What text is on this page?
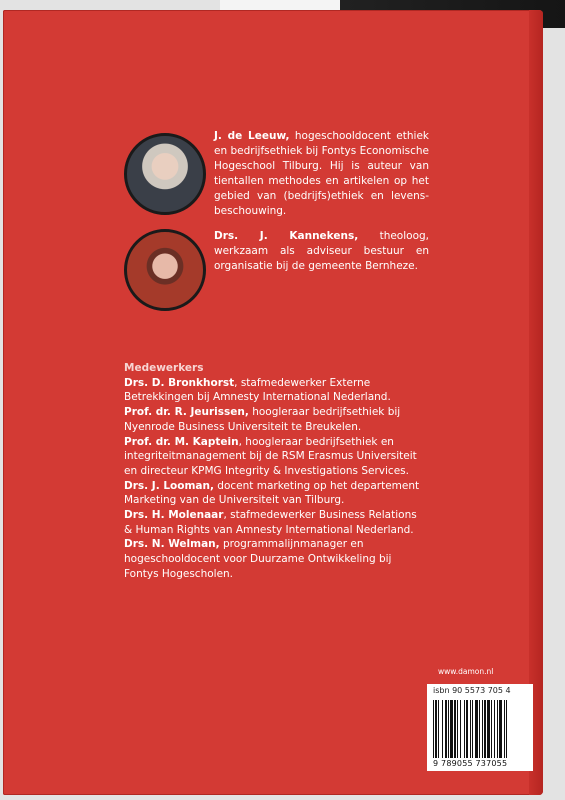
J. de Leeuw, hogeschooldocent ethiek en bedrijfsethiek bij Fontys Economische Hogeschool Tilburg. Hij is auteur van tientallen methodes en artikelen op het gebied van (bedrijfs)ethiek en levens-beschouwing.
Drs. J. Kannekens, theoloog, werkzaam als adviseur bestuur en organisatie bij de gemeente Bernheze.
Medewerkers
Drs. D. Bronkhorst, stafmedewerker Externe Betrekkingen bij Amnesty International Nederland.
Prof. dr. R. Jeurissen, hoogleraar bedrijfsethiek bij Nyenrode Business Universiteit te Breukelen.
Prof. dr. M. Kaptein, hoogleraar bedrijfsethiek en integriteitmanagement bij de RSM Erasmus Universiteit en directeur KPMG Integrity & Investigations Services.
Drs. J. Looman, docent marketing op het departement Marketing van de Universiteit van Tilburg.
Drs. H. Molenaar, stafmedewerker Business Relations & Human Rights van Amnesty International Nederland.
Drs. N. Welman, programmalijnmanager en hogeschooldocent voor Duurzame Ontwikkeling bij Fontys Hogescholen.
www.damon.nl
isbn 90 5573 705 4
9 789055 737055
